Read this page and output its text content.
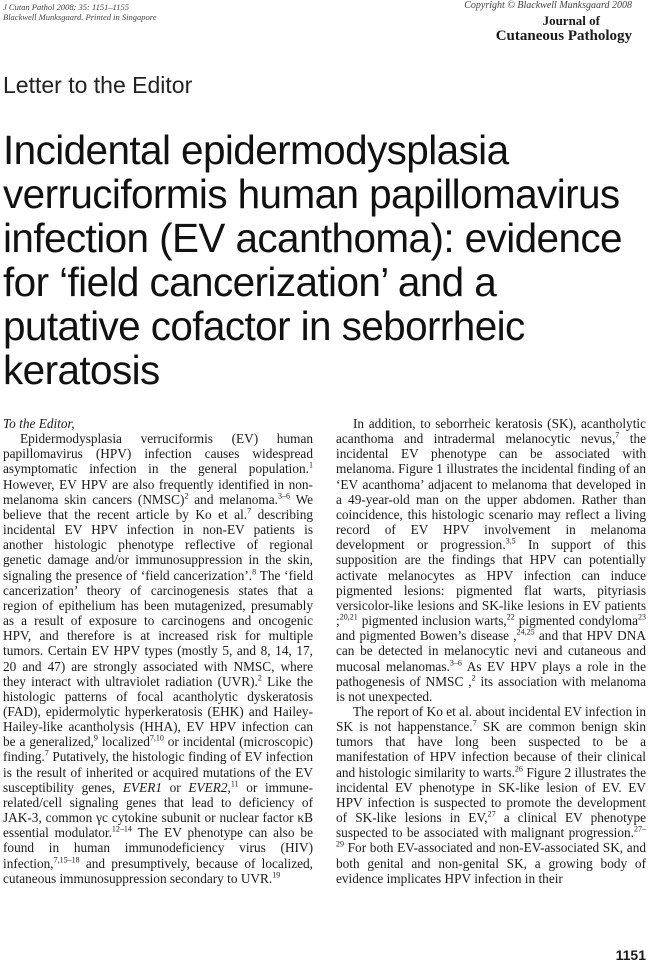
J Cutan Pathol 2008: 35: 1151–1155
Blackwell Munksgaard. Printed in Singapore
Copyright © Blackwell Munksgaard 2008
Journal of
Cutaneous Pathology
Letter to the Editor
Incidental epidermodysplasia verruciformis human papillomavirus infection (EV acanthoma): evidence for ‘field cancerization’ and a putative cofactor in seborrheic keratosis

To the Editor,

Epidermodysplasia verruciformis (EV) human papillomavirus (HPV) infection causes widespread asymptomatic infection in the general population.$^1$ However, EV HPV are also frequently identified in non-melanoma skin cancers (NMSC)$^2$ and melanoma.$^{3-6}$ We believe that the recent article by Ko et al.$^7$ describing incidental EV HPV infection in non-EV patients is another histologic phenotype reflective of regional genetic damage and/or immunosuppression in the skin, signaling the presence of ‘field cancerization’.$^8$ The ‘field cancerization’ theory of carcinogenesis states that a region of epithelium has been mutagenized, presumably as a result of exposure to carcinogens and oncogenic HPV, and therefore is at increased risk for multiple tumors. Certain EV HPV types (mostly 5, and 8, 14, 17, 20 and 47) are strongly associated with NMSC, where they interact with ultraviolet radiation (UVR).$^2$ Like the histologic patterns of focal acantholytic dyskeratosis (FAD), epidermolytic hyperkeratosis (EHK) and Hailey-Hailey-like acantholysis (HHA), EV HPV infection can be a generalized,$^9$ localized$^{7,10}$ or incidental (microscopic) finding.$^7$ Putatively, the histologic finding of EV infection is the result of inherited or acquired mutations of the EV susceptibility genes, EVER1 or EVER2,11 or immune-related/cell signaling genes that lead to deficiency of JAK-3, common γc cytokine subunit or nuclear factor κB essential modulator.$^{12-14}$ The EV phenotype can also be found in human immunodeficiency virus (HIV) infection,$^{7,15-18}$ and presumptively, because of localized, cutaneous immunosuppression secondary to UVR.$^{19}$

In addition, to seborrheic keratosis (SK), acantholytic acanthoma and intradermal melanocytic nevus,$^7$ the incidental EV phenotype can be associated with melanoma. Figure 1 illustrates the incidental finding of an ‘EV acanthoma’ adjacent to melanoma that developed in a 49-year-old man on the upper abdomen. Rather than coincidence, this histologic scenario may reflect a living record of EV HPV involvement in melanoma development or progression.$^{3,5}$ In support of this supposition are the findings that HPV can potentially activate melanocytes as HPV infection can induce pigmented lesions: pigmented flat warts, pityriasis versicolor-like lesions and SK-like lesions in EV patients ;$^{20,21}$ pigmented inclusion warts,$^{22}$ pigmented condyloma$^{23}$ and pigmented Bowen’s disease ,$^{24,25}$ and that HPV DNA can be detected in melanocytic nevi and cutaneous and mucosal melanomas.$^{3-6}$ As EV HPV plays a role in the pathogenesis of NMSC ,$^2$ its association with melanoma is not unexpected.

The report of Ko et al. about incidental EV infection in SK is not happenstance.$^7$ SK are common benign skin tumors that have long been suspected to be a manifestation of HPV infection because of their clinical and histologic similarity to warts.$^{26}$ Figure 2 illustrates the incidental EV phenotype in SK-like lesion of EV. EV HPV infection is suspected to promote the development of SK-like lesions in EV,$^{27}$ a clinical EV phenotype suspected to be associated with malignant progression.$^{27-29}$ For both EV-associated and non-EV-associated SK, and both genital and non-genital SK, a growing body of evidence implicates HPV infection in their

1151
